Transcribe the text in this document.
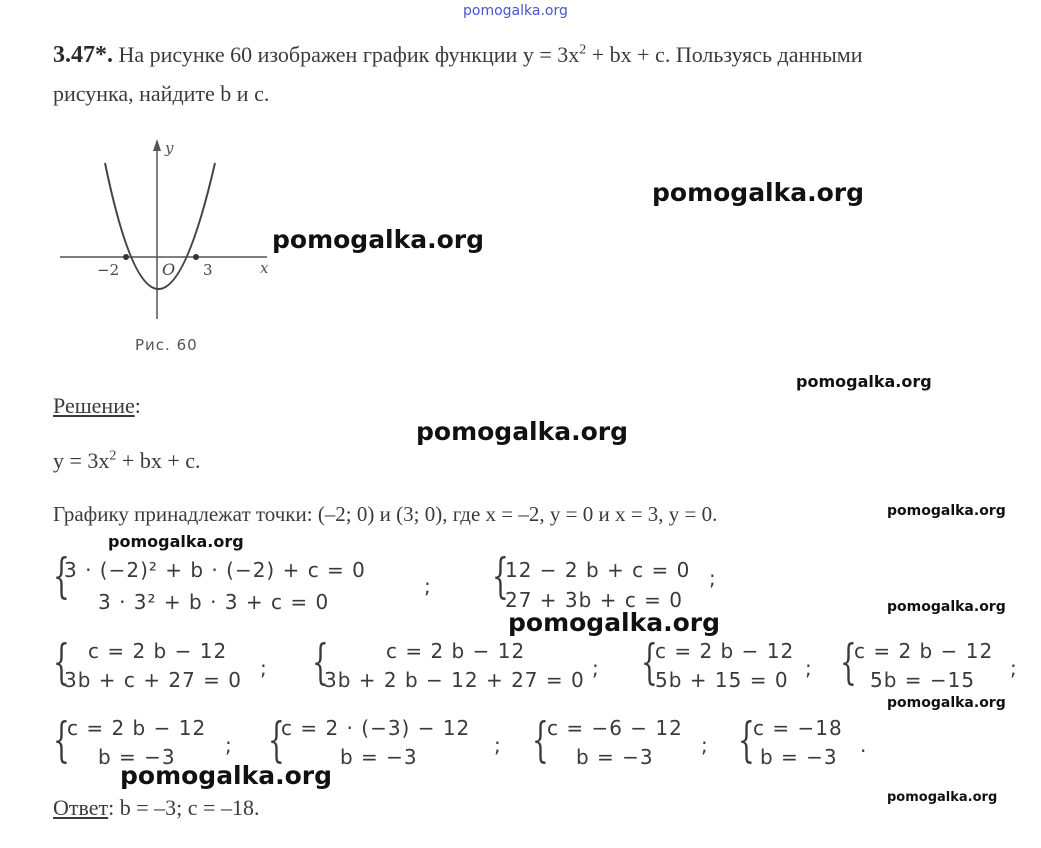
pomogalka.org
pomogalka.org
pomogalka.org
pomogalka.org
pomogalka.org
pomogalka.org
pomogalka.org
pomogalka.org
pomogalka.org
pomogalka.org
pomogalka.org
pomogalka.org
3.47*. На рисунке 60 изображен график функции $y = 3x^2$ + bx + c. Пользуясь данными
рисунка, найдите b и c.
y
x
O
−2	3
Рис. 60
Решение:
$y = 3x^2$ + bx + c.
Графику принадлежат точки: (–2; 0) и (3; 0), где x = –2, y = 0 и x = 3, y = 0.
{
3 · (−2)² + b · (−2) + c = 0
3 · 3² + b · 3 + c = 0
; {
12 − 2 b + c = 0
27 + 3b + c = 0
;
{ c = 2 b − 12
3b + c + 27 = 0 ; {	c = 2 b − 12
3b + 2 b − 12 + 27 = 0 ; {
c = 2 b − 12
5b + 15 = 0 ; {
c = 2 b − 12
5b = −15 ;
{
c = 2 b − 12
b = −3 ; {
c = 2 · (−3) − 12
b = −3	; {
c = −6 − 12
b = −3 ; {
c = −18
b = −3 .
Ответ: b = –3; c = –18.
